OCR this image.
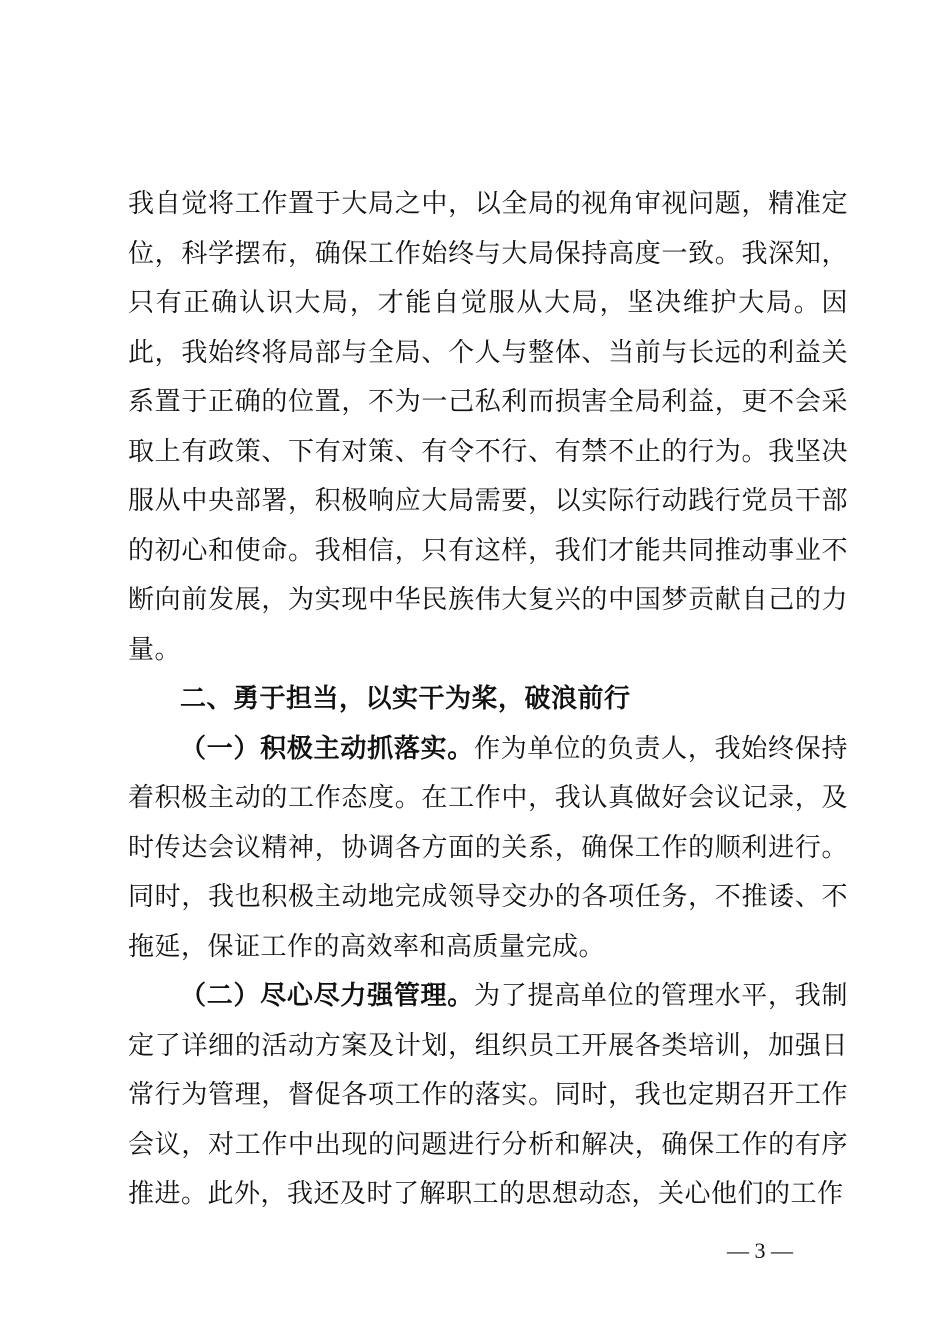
我自觉将工作置于大局之中，以全局的视角审视问题，精准定位，科学摆布，确保工作始终与大局保持高度一致。我深知，只有正确认识大局，才能自觉服从大局，坚决维护大局。因此，我始终将局部与全局、个人与整体、当前与长远的利益关系置于正确的位置，不为一己私利而损害全局利益，更不会采取上有政策、下有对策、有令不行、有禁不止的行为。我坚决服从中央部署，积极响应大局需要，以实际行动践行党员干部的初心和使命。我相信，只有这样，我们才能共同推动事业不断向前发展，为实现中华民族伟大复兴的中国梦贡献自己的力量。

二、勇于担当，以实干为桨，破浪前行

（一）积极主动抓落实。作为单位的负责人，我始终保持着积极主动的工作态度。在工作中，我认真做好会议记录，及时传达会议精神，协调各方面的关系，确保工作的顺利进行。同时，我也积极主动地完成领导交办的各项任务，不推诿、不拖延，保证工作的高效率和高质量完成。

（二）尽心尽力强管理。为了提高单位的管理水平，我制定了详细的活动方案及计划，组织员工开展各类培训，加强日常行为管理，督促各项工作的落实。同时，我也定期召开工作会议，对工作中出现的问题进行分析和解决，确保工作的有序推进。此外，我还及时了解职工的思想动态，关心他们的工作

— 3 —
